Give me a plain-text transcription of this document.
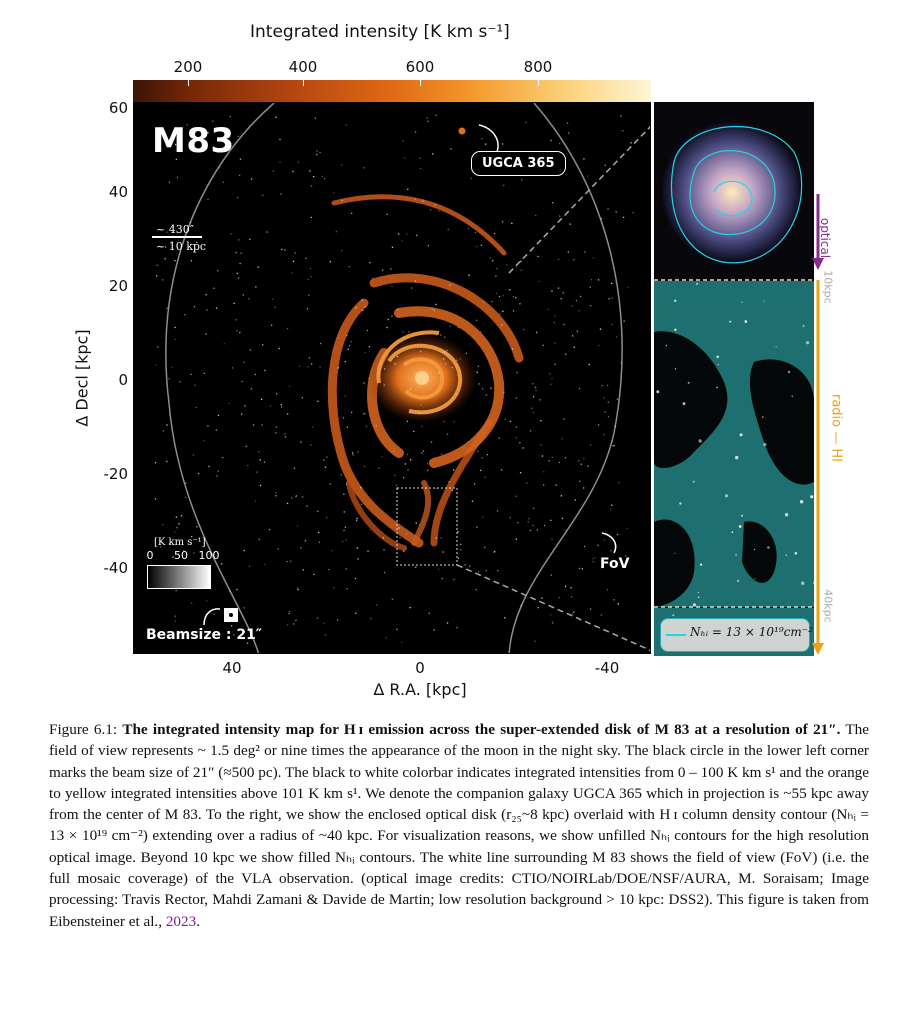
Integrated intensity [K km s⁻¹]
200	400	600	800
Δ Decl [kpc]
60
40
20
0
-20
-40
M83
UGCA 365
~ 430″
~ 10 kpc
[K km s⁻¹]
0 50 100
Beamsize : 21″
FoV
optical
10kpc
radio — HI
40kpc
Nₕᵢ = 13 × 10¹⁹cm⁻²
40	0	-40
Δ R.A. [kpc]
Figure 6.1: The integrated intensity map for H ɪ emission across the super-extended disk of M 83 at a resolution of 21″. The field of view represents ~ 1.5 deg² or nine times the appearance of the moon in the night sky. The black circle in the lower left corner marks the beam size of 21″ (≈500 pc). The black to white colorbar indicates integrated intensities from 0 – 100 K km s¹ and the orange to yellow integrated intensities above 101 K km s¹. We denote the companion galaxy UGCA 365 which in projection is ~55 kpc away from the center of M 83. To the right, we show the enclosed optical disk (r₂₅~8 kpc) overlaid with H ɪ column density contour (Nₕᵢ = 13 × 10¹⁹ cm⁻²) extending over a radius of ~40 kpc. For visualization reasons, we show unfilled Nₕᵢ contours for the high resolution optical image. Beyond 10 kpc we show filled Nₕᵢ contours. The white line surrounding M 83 shows the field of view (FoV) (i.e. the full mosaic coverage) of the VLA observation. (optical image credits: CTIO/NOIRLab/DOE/NSF/AURA, M. Soraisam; Image processing: Travis Rector, Mahdi Zamani & Davide de Martin; low resolution background > 10 kpc: DSS2). This figure is taken from Eibensteiner et al., 2023.
